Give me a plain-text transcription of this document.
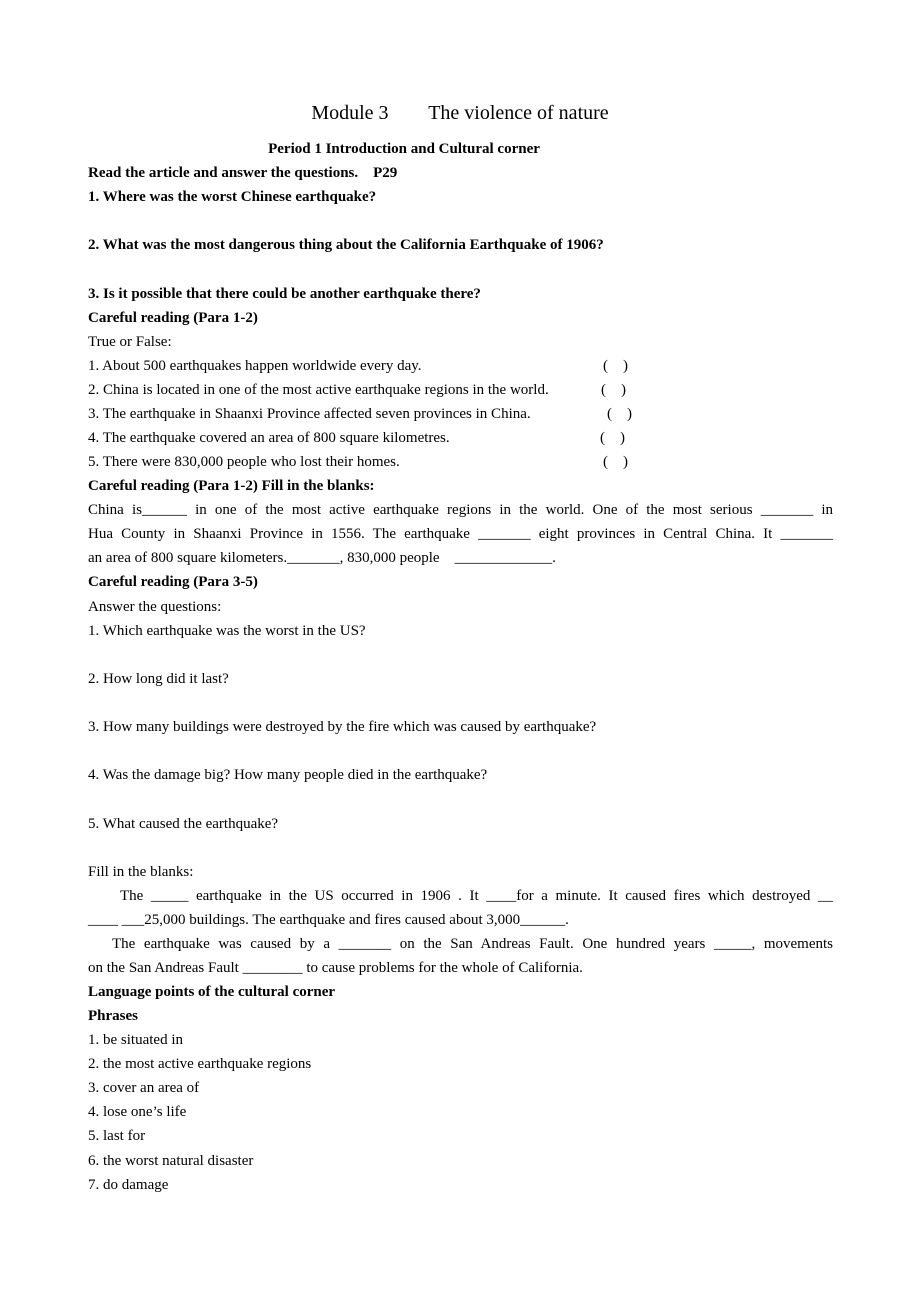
Module 3 The violence of nature
Period 1 Introduction and Cultural corner
Read the article and answer the questions.    P29
1. Where was the worst Chinese earthquake?
2. What was the most dangerous thing about the California Earthquake of 1906?
3. Is it possible that there could be another earthquake there?
Careful reading (Para 1-2)
True or False:
1. About 500 earthquakes happen worldwide every day.	(    )
2. China is located in one of the most active earthquake regions in the world.	(    )
3. The earthquake in Shaanxi Province affected seven provinces in China.	(    )
4. The earthquake covered an area of 800 square kilometres.	(    )
5. There were 830,000 people who lost their homes.	(    )
Careful reading (Para 1-2) Fill in the blanks:
China is______ in one of the most active earthquake regions in the world. One of the most serious _______ in
Hua County in Shaanxi Province in 1556. The earthquake _______ eight provinces in Central China. It _______
an area of 800 square kilometers._______, 830,000 people    _____________.
Careful reading (Para 3-5)
Answer the questions:
1. Which earthquake was the worst in the US?
2. How long did it last?
3. How many buildings were destroyed by the fire which was caused by earthquake?
4. Was the damage big? How many people died in the earthquake?
5. What caused the earthquake?
Fill in the blanks:
The _____ earthquake in the US occurred in 1906 . It ____for a minute. It caused fires which destroyed __
____ ___25,000 buildings. The earthquake and fires caused about 3,000______.
The earthquake was caused by a _______ on the San Andreas Fault. One hundred years _____, movements
on the San Andreas Fault ________ to cause problems for the whole of California.
Language points of the cultural corner
Phrases
1. be situated in
2. the most active earthquake regions
3. cover an area of
4. lose one’s life
5. last for
6. the worst natural disaster
7. do damage
